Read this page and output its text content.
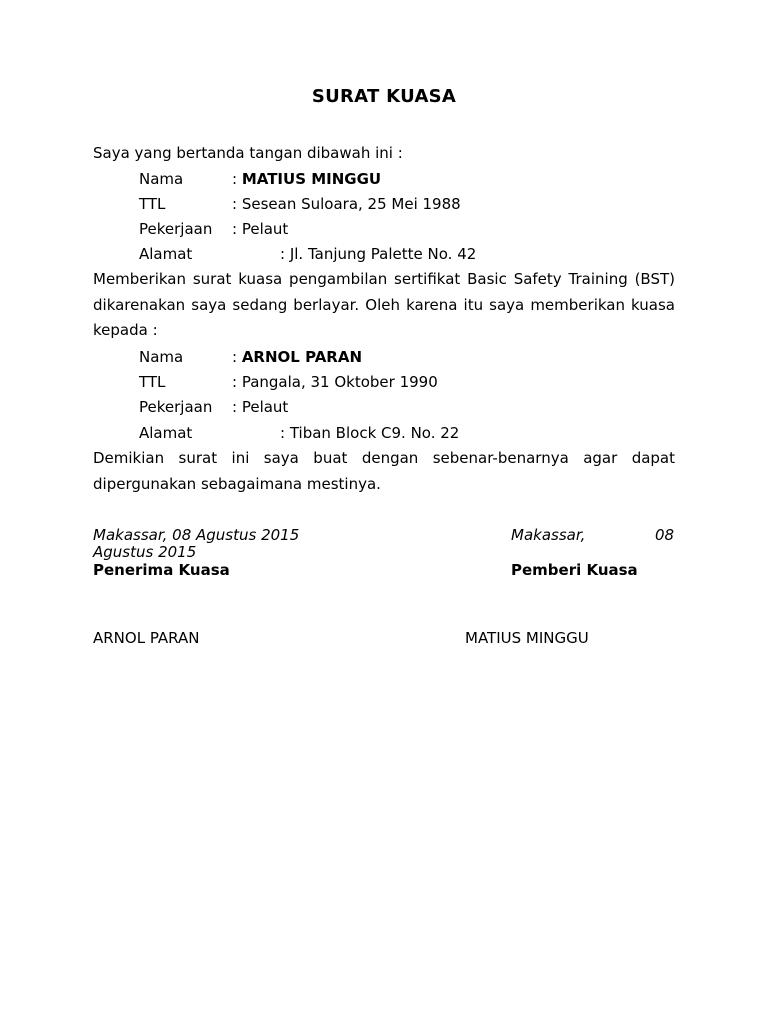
SURAT KUASA
Saya yang bertanda tangan dibawah ini :
Nama	: MATIUS MINGGU
TTL	: Sesean Suloara, 25 Mei 1988
Pekerjaan : Pelaut
Alamat	: Jl. Tanjung Palette No. 42
Memberikan surat kuasa pengambilan sertifikat Basic Safety Training (BST) dikarenakan saya sedang berlayar. Oleh karena itu saya memberikan kuasa kepada :
Nama	: ARNOL PARAN
TTL	: Pangala, 31 Oktober 1990
Pekerjaan : Pelaut
Alamat	: Tiban Block C9. No. 22
Demikian surat ini saya buat dengan sebenar-benarnya agar dapat dipergunakan sebagaimana mestinya.
Makassar, 08 Agustus 2015	Makassar,	08
Agustus 2015
Penerima Kuasa	Pemberi Kuasa
ARNOL PARAN	MATIUS MINGGU
